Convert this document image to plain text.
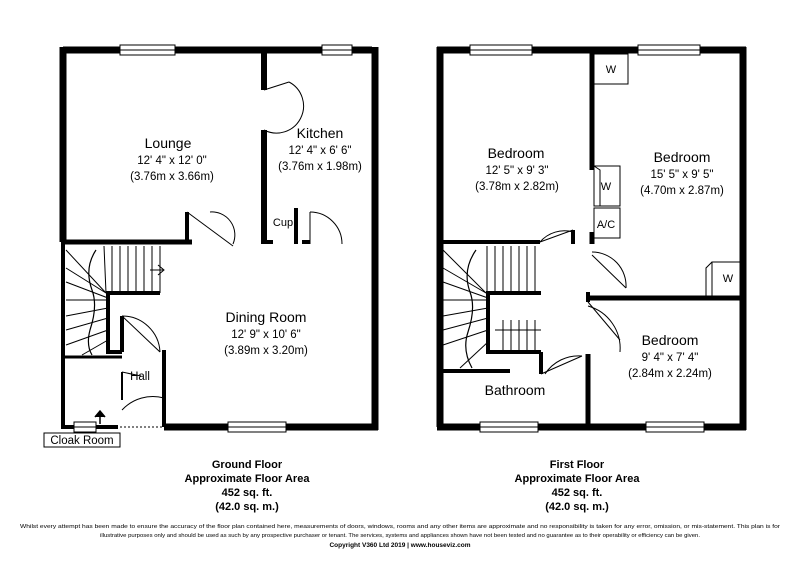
Lounge
12' 4" x 12' 0"
(3.76m x 3.66m)
Kitchen
12' 4" x 6' 6"
(3.76m x 1.98m)
Cup
Dining Room
12' 9" x 10' 6"
(3.89m x 3.20m)
Hall
Cloak Room
Bedroom
12' 5" x 9' 3"
(3.78m x 2.82m)
Bedroom
15' 5" x 9' 5"
(4.70m x 2.87m)
Bedroom
9' 4" x 7' 4"
(2.84m x 2.24m)
Bathroom
W
W
A/C
W
Ground Floor
Approximate Floor Area
452 sq. ft.
(42.0 sq. m.)
First Floor
Approximate Floor Area
452 sq. ft.
(42.0 sq. m.)
Whilst every attempt has been made to ensure the accuracy of the floor plan contained here, measurements of doors, windows, rooms and any other items are approximate and no responsibility is taken for any error, omission, or mis-statement. This plan is for
illustrative purposes only and should be used as such by any prospective purchaser or tenant. The services, systems and appliances shown have not been tested and no guarantee as to their operability or efficiency can be given.
Copyright V360 Ltd 2019 | www.houseviz.com
